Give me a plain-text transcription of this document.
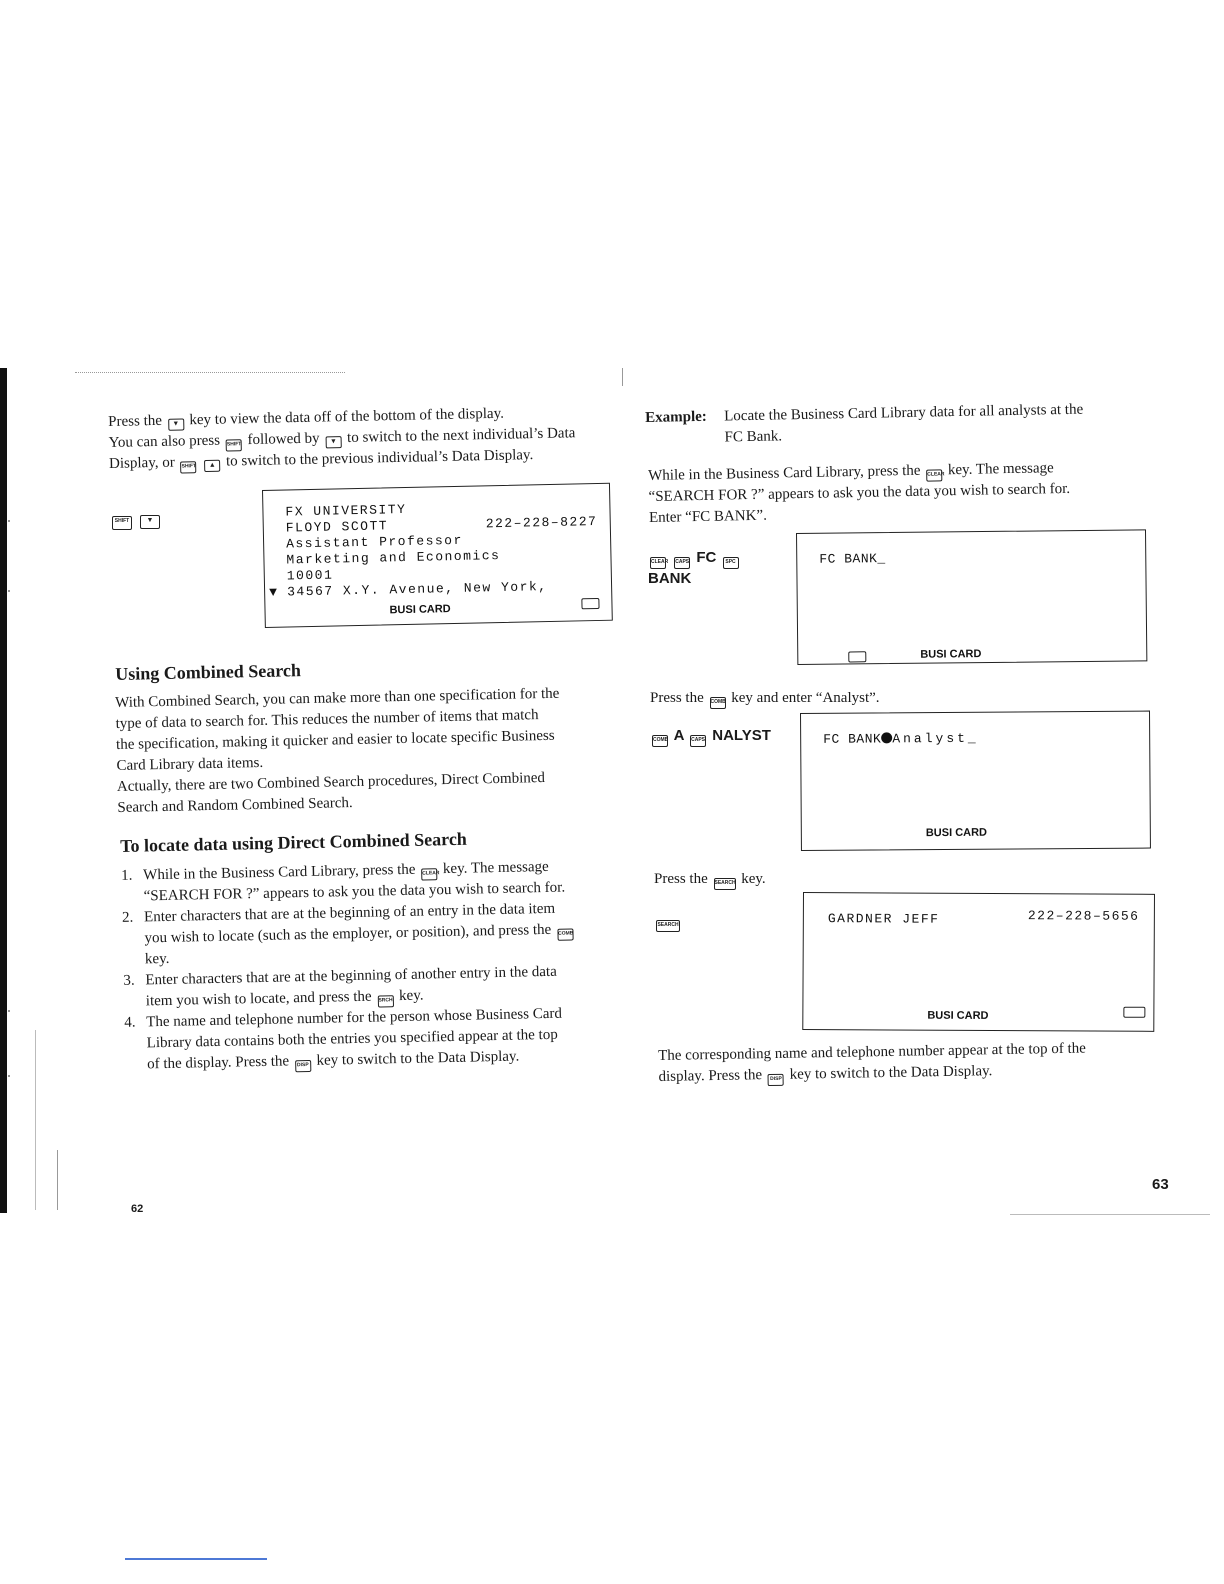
Press the ▼ key to view the data off of the bottom of the display.

You can also press SHIFT followed by ▼ to switch to the next individual’s Data

Display, or SHIFT ▲ to switch to the previous individual’s Data Display.

SHIFT ▼
FX UNIVERSITY
FLOYD SCOTT	222–228–8227
Assistant Professor
Marketing and Economics
10001
▼ 34567 X.Y. Avenue, New York,
BUSI CARD
Using Combined Search

With Combined Search, you can make more than one specification for the

type of data to search for. This reduces the number of items that match

the specification, making it quicker and easier to locate specific Business

Card Library data items.

Actually, there are two Combined Search procedures, Direct Combined

Search and Random Combined Search.

To locate data using Direct Combined Search
1. While in the Business Card Library, press the CLEAR key. The message
“SEARCH FOR ?” appears to ask you the data you wish to search for.
2. Enter characters that are at the beginning of an entry in the data item
you wish to locate (such as the employer, or position), and press the COMB
key.
3. Enter characters that are at the beginning of another entry in the data
item you wish to locate, and press the SRCH key.
4. The name and telephone number for the person whose Business Card
Library data contains both the entries you specified appear at the top
of the display. Press the DISP key to switch to the Data Display.
62
Example: Locate the Business Card Library data for all analysts at the

FC Bank.

While in the Business Card Library, press the CLEAR key. The message

“SEARCH FOR ?” appears to ask you the data you wish to search for.

Enter “FC BANK”.

CLEAR CAPS FC SPC
BANK
FC BANK_
BUSI CARD
Press the COMB key and enter “Analyst”.
COMB A CAPS NALYST	FC BANK Analyst_
BUSI CARD
Press the SEARCH key.
SEARCH	GARDNER JEFF	222–228–5656
BUSI CARD

The corresponding name and telephone number appear at the top of the

display. Press the DISP key to switch to the Data Display.

63
